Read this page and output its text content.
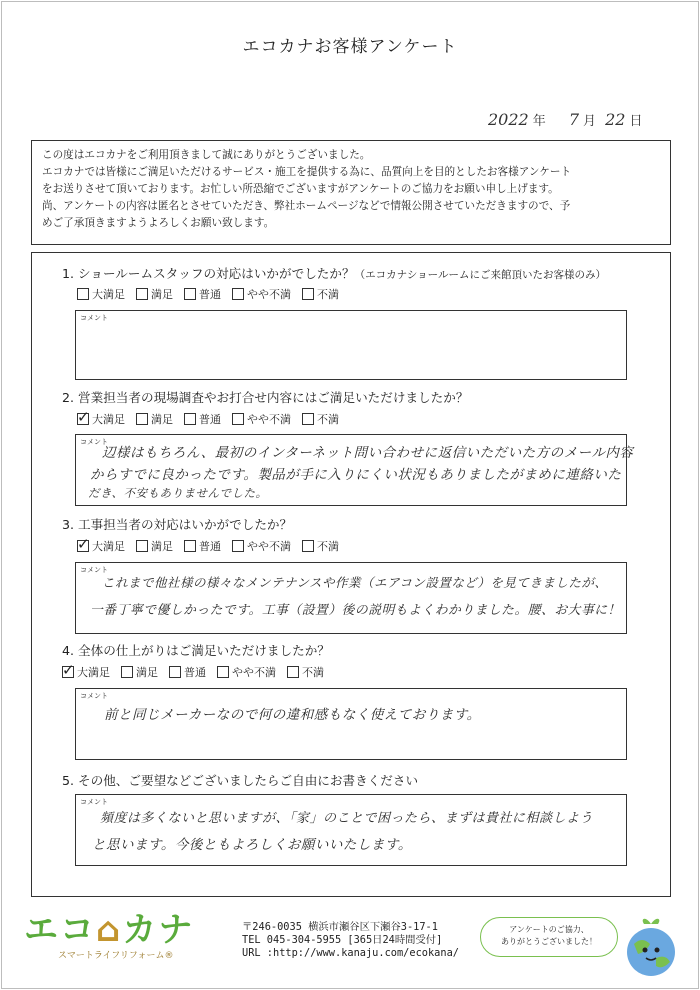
エコカナお客様アンケート
2022 年 7 月 22 日
この度はエコカナをご利用頂きまして誠にありがとうございました。
エコカナでは皆様にご満足いただけるサービス・施工を提供する為に、品質向上を目的としたお客様アンケート
をお送りさせて頂いております。お忙しい所恐縮でございますがアンケートのご協力をお願い申し上げます。
尚、アンケートの内容は匿名とさせていただき、弊社ホームページなどで情報公開させていただきますので、予
めご了承頂きますようよろしくお願い致します。
1. ショールームスタッフの対応はいかがでしたか？（エコカナショールームにご来館頂いたお客様のみ）
大満足 満足 普通 やや不満 不満
コメント
2. 営業担当者の現場調査やお打合せ内容にはご満足いただけましたか？
✓
大満足 満足 普通 やや不満 不満
コメント
辺様はもちろん、最初のインターネット問い合わせに返信いただいた方のメール内容
からすでに良かったです。製品が手に入りにくい状況もありましたがまめに連絡いた
だき、不安もありませんでした。
3. 工事担当者の対応はいかがでしたか？
✓
大満足 満足 普通 やや不満 不満
コメント
これまで他社様の様々なメンテナンスや作業（エアコン設置など）を見てきましたが、
一番丁寧で優しかったです。工事（設置）後の説明もよくわかりました。腰、お大事に！
4. 全体の仕上がりはご満足いただけましたか？
✓
大満足 満足 普通 やや不満 不満
コメント
前と同じメーカーなので何の違和感もなく使えております。
5. その他、ご要望などございましたらご自由にお書きください
コメント
頻度は多くないと思いますが、「家」のことで困ったら、まずは貴社に相談しよう
と思います。今後ともよろしくお願いいたします。
エコ⌂カナ
スマートライフリフォーム®
〒246-0035 横浜市瀬谷区下瀬谷3-17-1
TEL 045-304-5955 [365日24時間受付]
URL :http://www.kanaju.com/ecokana/
アンケートのご協力、
ありがとうございました！
